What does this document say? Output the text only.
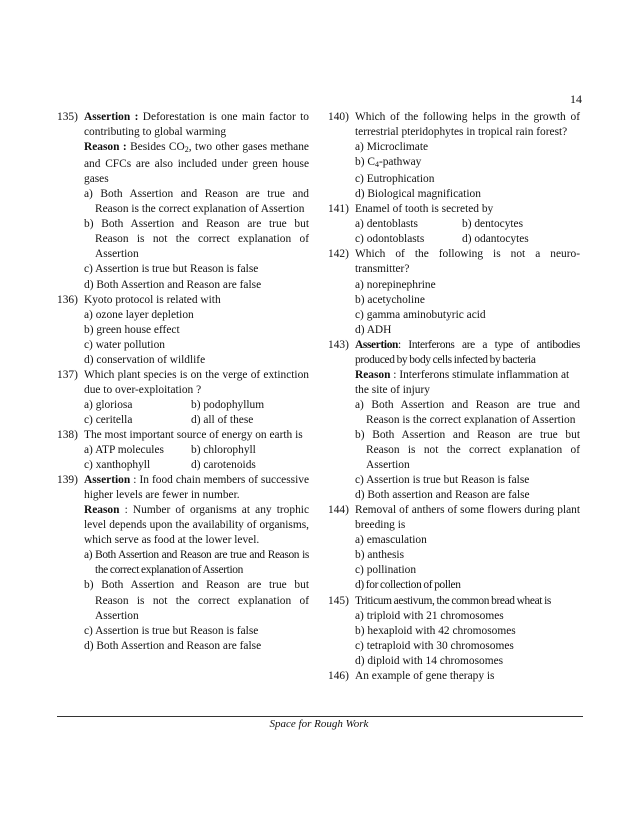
14
135) Assertion : Deforestation is one main factor to contributing to global warming
Reason : Besides $CO_2$, two other gases methane and CFCs are also included under green house gases
a) Both Assertion and Reason are true and Reason is the correct explanation of Assertion
b) Both Assertion and Reason are true but Reason is not the correct explanation of Assertion
c) Assertion is true but Reason is false
d) Both Assertion and Reason are false
136) Kyoto protocol is related with
a) ozone layer depletion
b) green house effect
c) water pollution
d) conservation of wildlife
137) Which plant species is on the verge of extinction due to over-exploitation ?
a) gloriosa	b) podophyllum
c) ceritella	d) all of these
138) The most important source of energy on earth is
a) ATP molecules	b) chlorophyll
c) xanthophyll	d) carotenoids
139) Assertion : In food chain members of successive higher levels are fewer in number.
Reason : Number of organisms at any trophic level depends upon the availability of organisms, which serve as food at the lower level.
a) Both Assertion and Reason are true and Reason is the correct explanation of Assertion
b) Both Assertion and Reason are true but Reason is not the correct explanation of Assertion
c) Assertion is true but Reason is false
d) Both Assertion and Reason are false
140) Which of the following helps in the growth of terrestrial pteridophytes in tropical rain forest?
a) Microclimate
b) $C_4$-pathway
c) Eutrophication
d) Biological magnification
141) Enamel of tooth is secreted by
a) dentoblasts	b) dentocytes
c) odontoblasts	d) odantocytes
142) Which of the following is not a neuro-transmitter?
a) norepinephrine
b) acetycholine
c) gamma aminobutyric acid
d) ADH
143) Assertion: Interferons are a type of antibodies produced by body cells infected by bacteria
Reason : Interferons stimulate inflammation at the site of injury
a) Both Assertion and Reason are true and Reason is the correct explanation of Assertion
b) Both Assertion and Reason are true but Reason is not the correct explanation of Assertion
c) Assertion is true but Reason is false
d) Both assertion and Reason are false
144) Removal of anthers of some flowers during plant breeding is
a) emasculation
b) anthesis
c) pollination
d) for collection of pollen
145) Triticum aestivum, the common bread wheat is
a) triploid with 21 chromosomes
b) hexaploid with 42 chromosomes
c) tetraploid with 30 chromosomes
d) diploid with 14 chromosomes
146) An example of gene therapy is
Space for Rough Work
